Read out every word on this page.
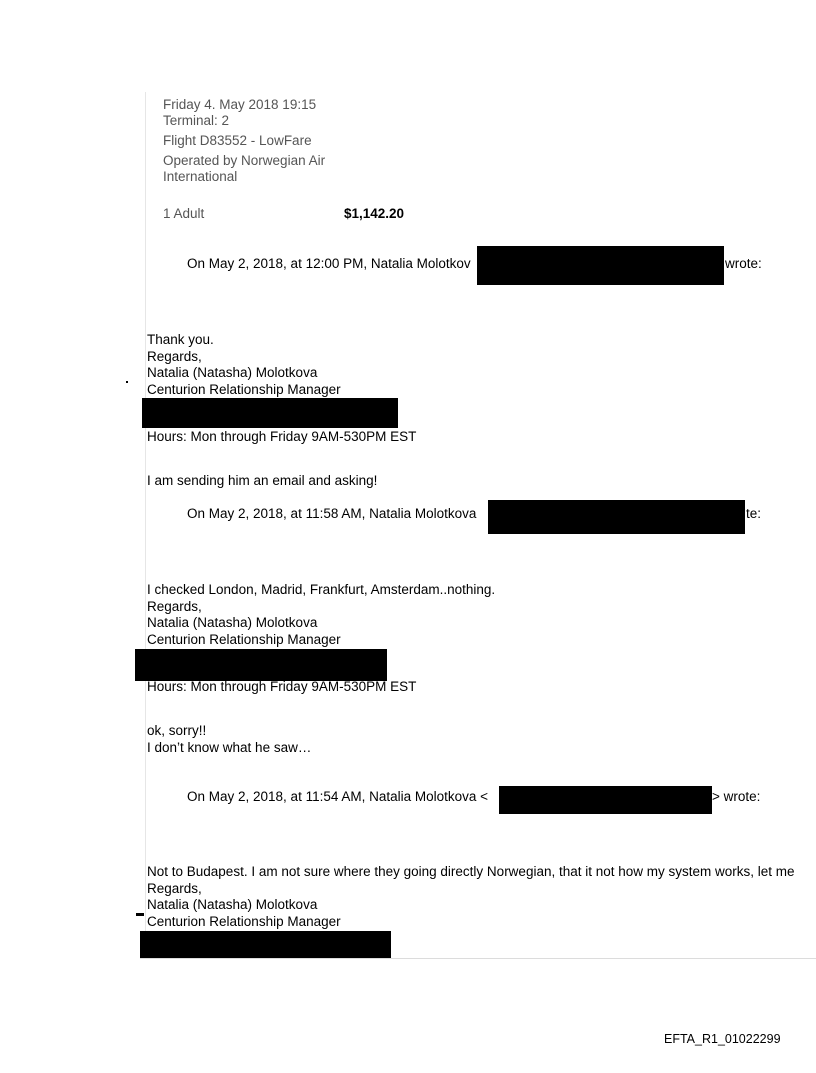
Friday 4. May 2018 19:15
Terminal: 2
Flight D83552 - LowFare
Operated by Norwegian Air
International
1 Adult	$1,142.20
On May 2, 2018, at 12:00 PM, Natalia Molotkov	wrote:
Thank you.
Regards,
Natalia (Natasha) Molotkova
Centurion Relationship Manager
Hours: Mon through Friday 9AM-530PM EST
I am sending him an email and asking!
On May 2, 2018, at 11:58 AM, Natalia Molotkova	te:
I checked London, Madrid, Frankfurt, Amsterdam..nothing.
Regards,
Natalia (Natasha) Molotkova
Centurion Relationship Manager
Hours: Mon through Friday 9AM-530PM EST
ok, sorry!!
I don’t know what he saw…
On May 2, 2018, at 11:54 AM, Natalia Molotkova <	> wrote:
Not to Budapest. I am not sure where they going directly Norwegian, that it not how my system works, let me
Regards,
Natalia (Natasha) Molotkova
Centurion Relationship Manager
EFTA_R1_01022299
